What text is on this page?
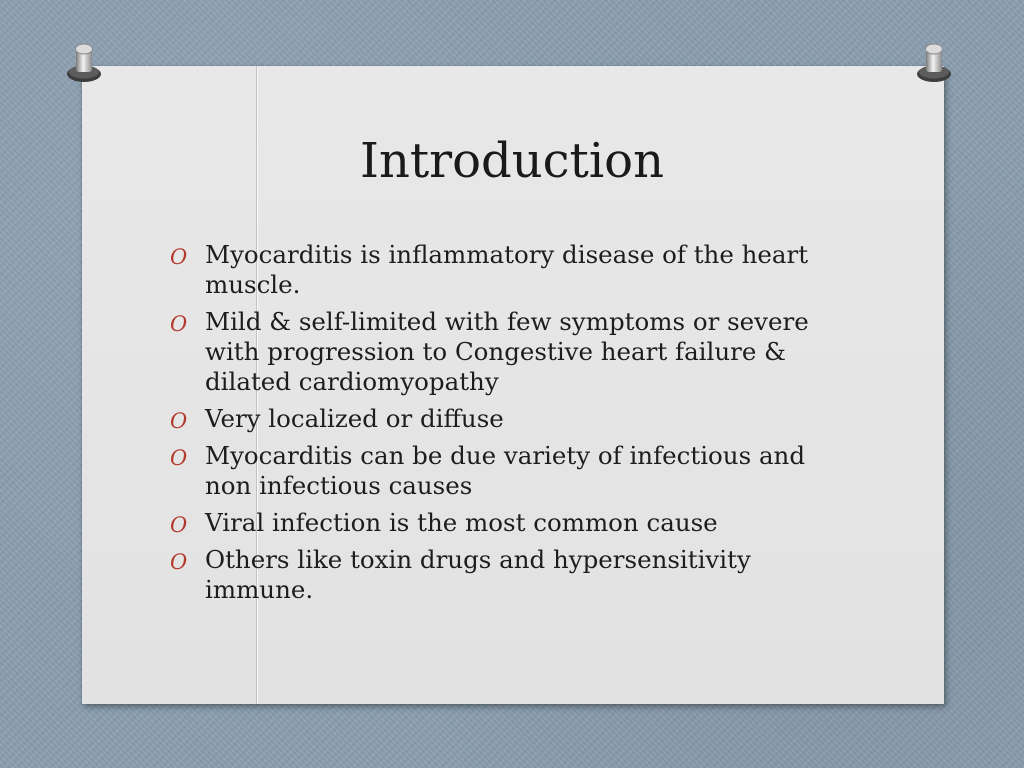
Introduction
O Myocarditis is inflammatory disease of the heart muscle.
O Mild & self-limited with few symptoms or severe with progression to Congestive heart failure & dilated cardiomyopathy
O Very localized or diffuse
O Myocarditis can be due variety of infectious and non infectious causes
O Viral infection is the most common cause
O Others like toxin drugs and hypersensitivity immune.
